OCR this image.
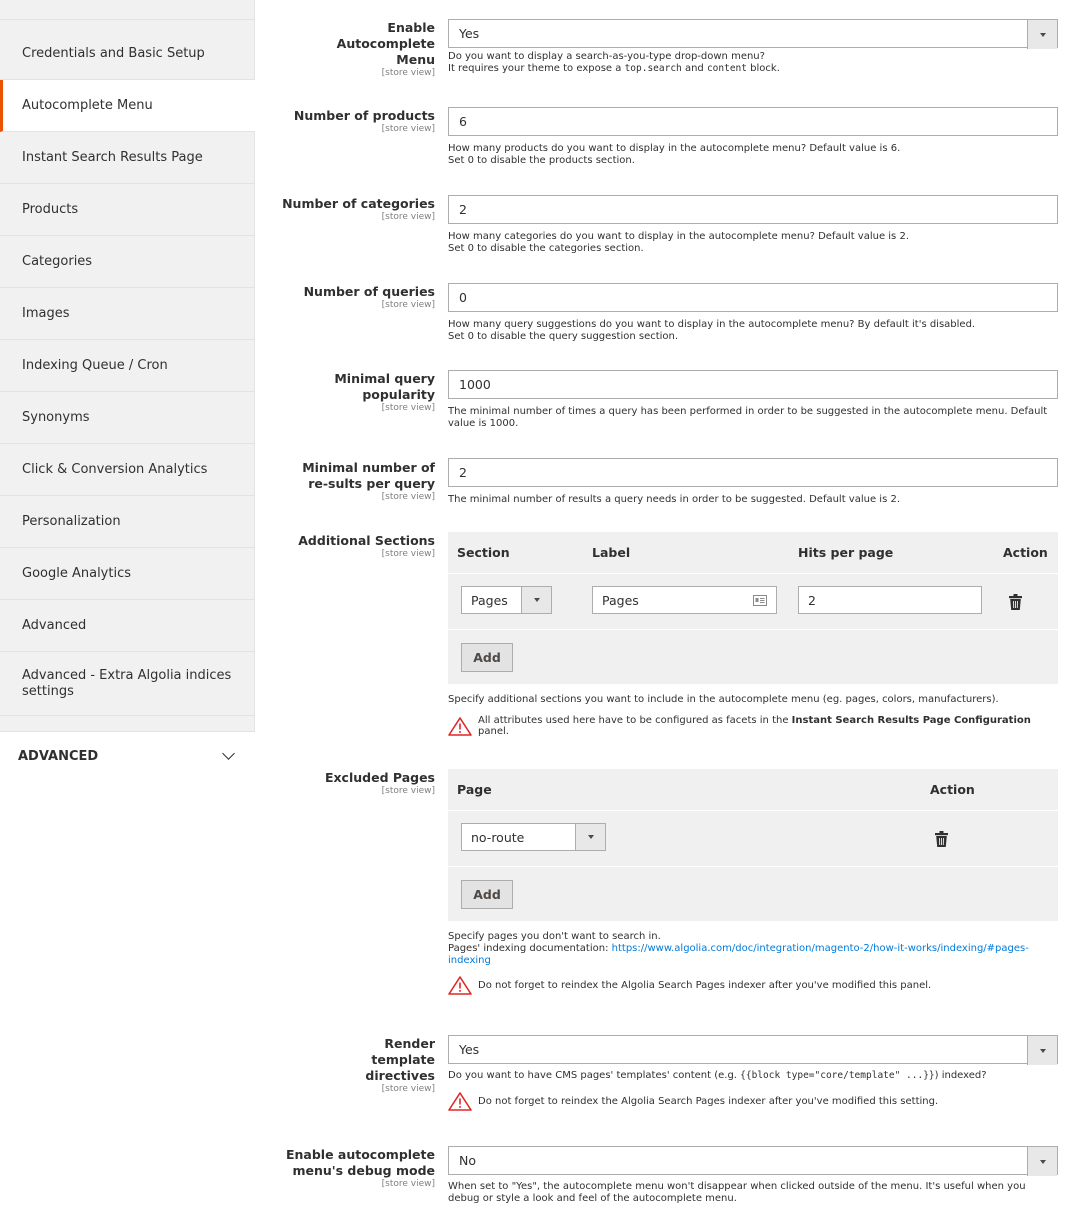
Credentials and Basic Setup
Autocomplete Menu
Instant Search Results Page
Products
Categories
Images
Indexing Queue / Cron
Synonyms
Click & Conversion Analytics
Personalization
Google Analytics
Advanced
Advanced - Extra Algolia indices settings
ADVANCED
Enable Autocomplete Menu
[store view]
Yes
Do you want to display a search-as-you-type drop-down menu?
It requires your theme to expose a top.search and content block.
Number of products
[store view] 6
How many products do you want to display in the autocomplete menu? Default value is 6.
Set 0 to disable the products section.
Number of categories
[store view] 2
How many categories do you want to display in the autocomplete menu? Default value is 2.
Set 0 to disable the categories section.
Number of queries
[store view] 0
How many query suggestions do you want to display in the autocomplete menu? By default it's disabled.
Set 0 to disable the query suggestion section.
Minimal query popularity
[store view]
1000
The minimal number of times a query has been performed in order to be suggested in the autocomplete menu. Default value is 1000.
Minimal number of re-sults per query
[store view]
2
The minimal number of results a query needs in order to be suggested. Default value is 2.
Additional Sections
[store view] Section	Label	Hits per page	Action
Pages	Pages	2
Add
Specify additional sections you want to include in the autocomplete menu (eg. pages, colors, manufacturers).
All attributes used here have to be configured as facets in the Instant Search Results Page Configuration panel.
Excluded Pages
[store view] Page	Action
no-route
Add
Specify pages you don't want to search in.
Pages' indexing documentation: https://www.algolia.com/doc/integration/magento-2/how-it-works/indexing/#pages-indexing
Do not forget to reindex the Algolia Search Pages indexer after you've modified this panel.
Render template directives
[store view]
Yes
Do you want to have CMS pages' templates' content (e.g. {{block type="core/template" ...}}) indexed?
Do not forget to reindex the Algolia Search Pages indexer after you've modified this setting.
Enable autocomplete menu's debug mode
[store view]
No
When set to "Yes", the autocomplete menu won't disappear when clicked outside of the menu. It's useful when you debug or style a look and feel of the autocomplete menu.
